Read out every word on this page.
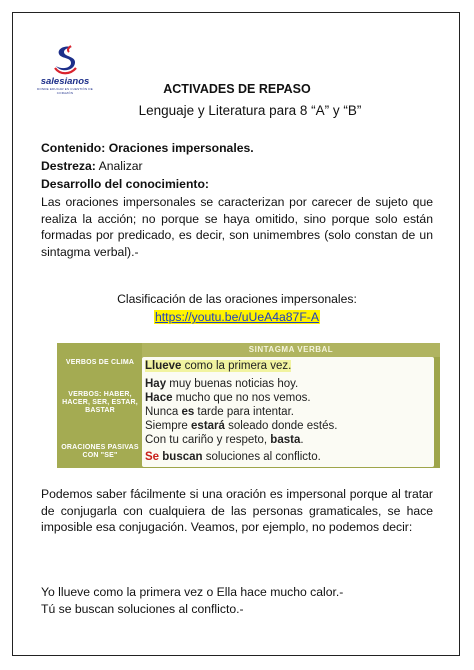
salesianos
DONDE EDUCAR ES CUESTIÓN DE CORAZÓN	ACTIVADES DE REPASO
Lenguaje y Literatura para 8 “A” y “B”
Contenido: Oraciones impersonales.
Destreza: Analizar
Desarrollo del conocimiento:
Las oraciones impersonales se caracterizan por carecer de sujeto que realiza la acción; no porque se haya omitido, sino porque solo están formadas por predicado, es decir, son unimembres (solo constan de un sintagma verbal).-
Clasificación de las oraciones impersonales:
https://youtu.be/uUeA4a87F-A
VERBOS DE CLIMA
VERBOS: HABER, HACER, SER, ESTAR, BASTAR
ORACIONES PASIVAS CON "SE"
SINTAGMA VERBAL
Llueve como la primera vez.
Hay muy buenas noticias hoy.
Hace mucho que no nos vemos.
Nunca es tarde para intentar.
Siempre estará soleado donde estés.
Con tu cariño y respeto, basta.
Se buscan soluciones al conflicto.
Podemos saber fácilmente si una oración es impersonal porque al tratar de conjugarla con cualquiera de las personas gramaticales, se hace imposible esa conjugación. Veamos, por ejemplo, no podemos decir:
Yo llueve como la primera vez o Ella hace mucho calor.-
Tú se buscan soluciones al conflicto.-
